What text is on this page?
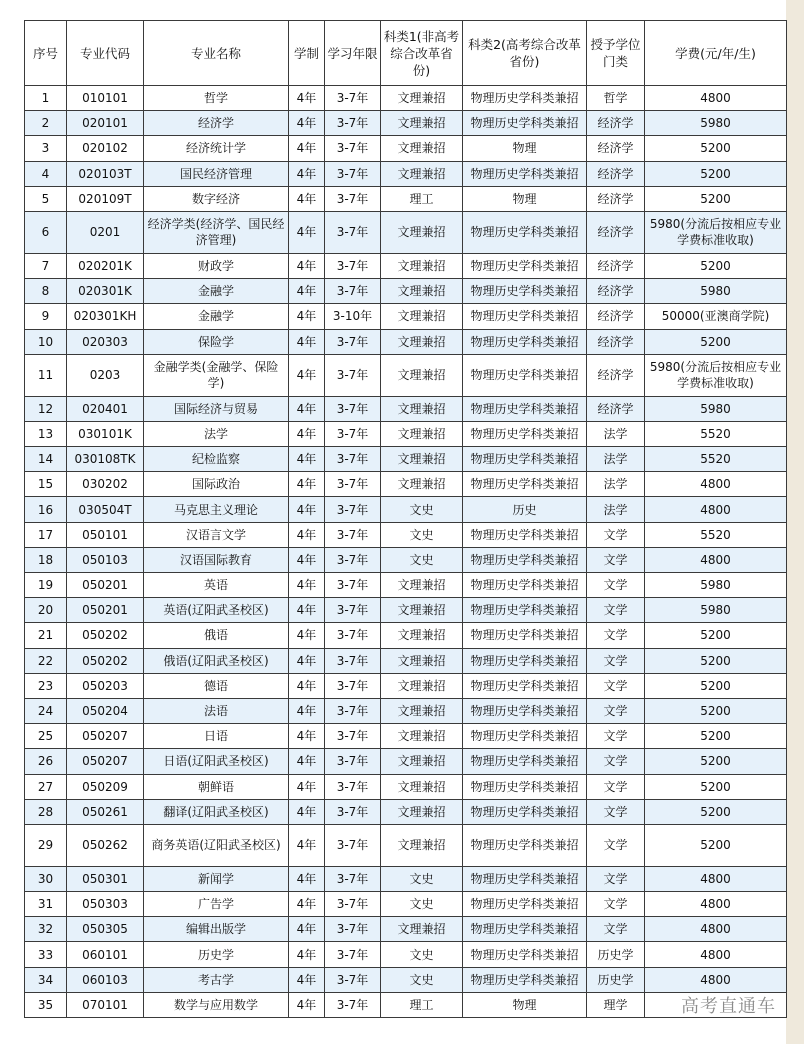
序号	专业代码	专业名称	学制	学习年限	科类1(非高考综合改革省份)	科类2(高考综合改革省份)	授予学位门类	学费(元/年/生)
1	010101	哲学	4年	3-7年	文理兼招	物理历史学科类兼招	哲学	4800
2	020101	经济学	4年	3-7年	文理兼招	物理历史学科类兼招	经济学	5980
3	020102	经济统计学	4年	3-7年	文理兼招	物理	经济学	5200
4	020103T	国民经济管理	4年	3-7年	文理兼招	物理历史学科类兼招	经济学	5200
5	020109T	数字经济	4年	3-7年	理工	物理	经济学	5200
6	0201	经济学类(经济学、国民经济管理)	4年	3-7年	文理兼招	物理历史学科类兼招	经济学	5980(分流后按相应专业学费标准收取)
7	020201K	财政学	4年	3-7年	文理兼招	物理历史学科类兼招	经济学	5200
8	020301K	金融学	4年	3-7年	文理兼招	物理历史学科类兼招	经济学	5980
9	020301KH	金融学	4年	3-10年	文理兼招	物理历史学科类兼招	经济学	50000(亚澳商学院)
10	020303	保险学	4年	3-7年	文理兼招	物理历史学科类兼招	经济学	5200
11	0203	金融学类(金融学、保险学)	4年	3-7年	文理兼招	物理历史学科类兼招	经济学	5980(分流后按相应专业学费标准收取)
12	020401	国际经济与贸易	4年	3-7年	文理兼招	物理历史学科类兼招	经济学	5980
13	030101K	法学	4年	3-7年	文理兼招	物理历史学科类兼招	法学	5520
14	030108TK	纪检监察	4年	3-7年	文理兼招	物理历史学科类兼招	法学	5520
15	030202	国际政治	4年	3-7年	文理兼招	物理历史学科类兼招	法学	4800
16	030504T	马克思主义理论	4年	3-7年	文史	历史	法学	4800
17	050101	汉语言文学	4年	3-7年	文史	物理历史学科类兼招	文学	5520
18	050103	汉语国际教育	4年	3-7年	文史	物理历史学科类兼招	文学	4800
19	050201	英语	4年	3-7年	文理兼招	物理历史学科类兼招	文学	5980
20	050201	英语(辽阳武圣校区)	4年	3-7年	文理兼招	物理历史学科类兼招	文学	5980
21	050202	俄语	4年	3-7年	文理兼招	物理历史学科类兼招	文学	5200
22	050202	俄语(辽阳武圣校区)	4年	3-7年	文理兼招	物理历史学科类兼招	文学	5200
23	050203	德语	4年	3-7年	文理兼招	物理历史学科类兼招	文学	5200
24	050204	法语	4年	3-7年	文理兼招	物理历史学科类兼招	文学	5200
25	050207	日语	4年	3-7年	文理兼招	物理历史学科类兼招	文学	5200
26	050207	日语(辽阳武圣校区)	4年	3-7年	文理兼招	物理历史学科类兼招	文学	5200
27	050209	朝鲜语	4年	3-7年	文理兼招	物理历史学科类兼招	文学	5200
28	050261	翻译(辽阳武圣校区)	4年	3-7年	文理兼招	物理历史学科类兼招	文学	5200
29	050262	商务英语(辽阳武圣校区)	4年	3-7年	文理兼招	物理历史学科类兼招	文学	5200
30	050301	新闻学	4年	3-7年	文史	物理历史学科类兼招	文学	4800
31	050303	广告学	4年	3-7年	文史	物理历史学科类兼招	文学	4800
32	050305	编辑出版学	4年	3-7年	文理兼招	物理历史学科类兼招	文学	4800
33	060101	历史学	4年	3-7年	文史	物理历史学科类兼招	历史学	4800
34	060103	考古学	4年	3-7年	文史	物理历史学科类兼招	历史学	4800
35	070101	数学与应用数学	4年	3-7年	理工	物理	理学		高考直通车
